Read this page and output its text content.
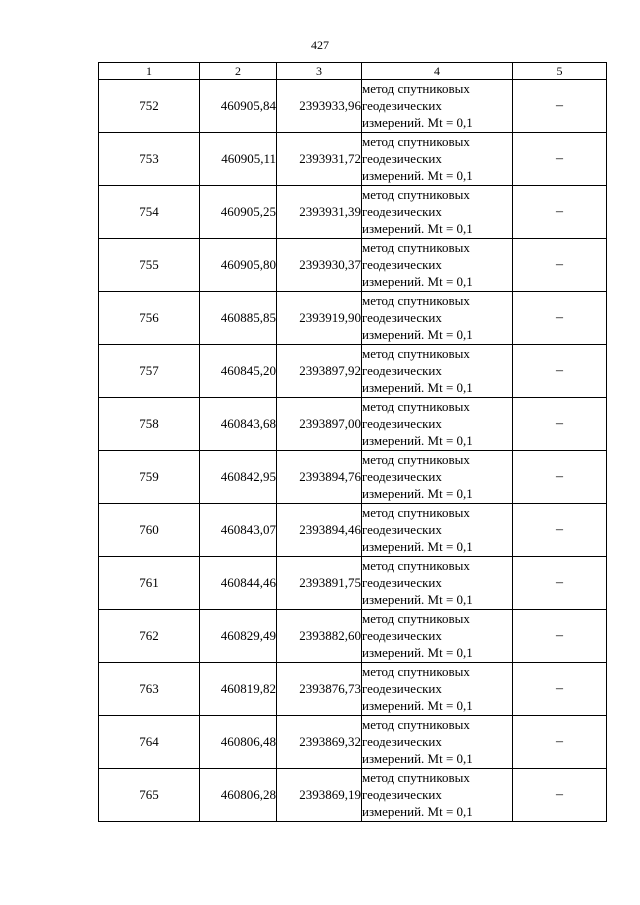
427
1	2	3	4	5
752	460905,84	2393933,96	метод спутниковых
геодезических
измерений. Mt = 0,1	–
753	460905,11	2393931,72	метод спутниковых
геодезических
измерений. Mt = 0,1	–
754	460905,25	2393931,39	метод спутниковых
геодезических
измерений. Mt = 0,1	–
755	460905,80	2393930,37	метод спутниковых
геодезических
измерений. Mt = 0,1	–
756	460885,85	2393919,90	метод спутниковых
геодезических
измерений. Mt = 0,1	–
757	460845,20	2393897,92	метод спутниковых
геодезических
измерений. Mt = 0,1	–
758	460843,68	2393897,00	метод спутниковых
геодезических
измерений. Mt = 0,1	–
759	460842,95	2393894,76	метод спутниковых
геодезических
измерений. Mt = 0,1	–
760	460843,07	2393894,46	метод спутниковых
геодезических
измерений. Mt = 0,1	–
761	460844,46	2393891,75	метод спутниковых
геодезических
измерений. Mt = 0,1	–
762	460829,49	2393882,60	метод спутниковых
геодезических
измерений. Mt = 0,1	–
763	460819,82	2393876,73	метод спутниковых
геодезических
измерений. Mt = 0,1	–
764	460806,48	2393869,32	метод спутниковых
геодезических
измерений. Mt = 0,1	–
765	460806,28	2393869,19	метод спутниковых
геодезических
измерений. Mt = 0,1	–
